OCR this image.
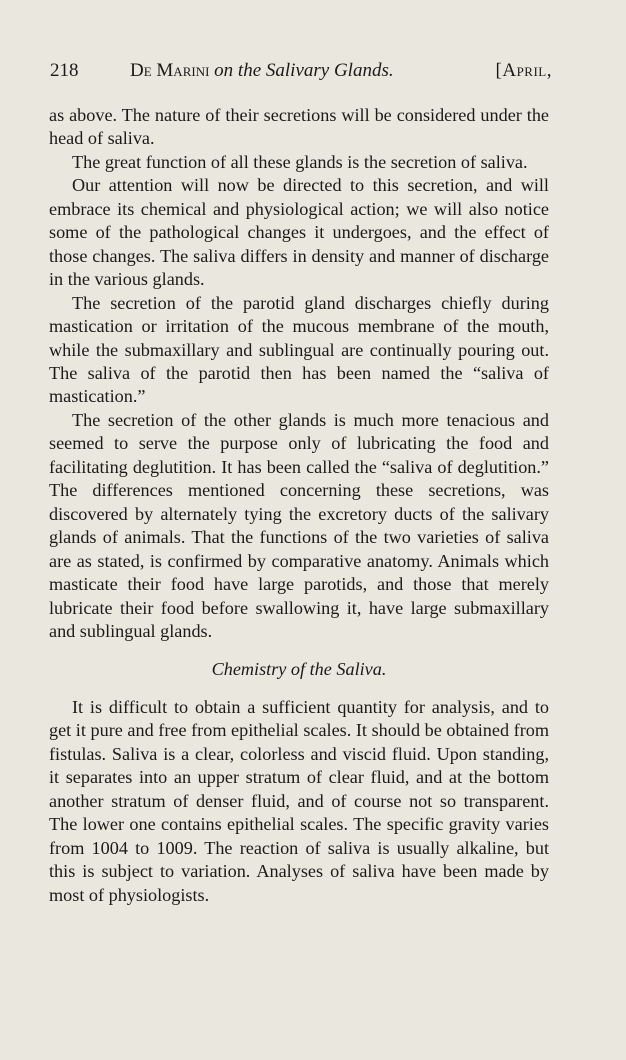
218	De Marini on the Salivary Glands.	[April,

as above. The nature of their secretions will be considered under the head of saliva.

The great function of all these glands is the secretion of saliva.

Our attention will now be directed to this secretion, and will embrace its chemical and physiological action; we will also notice some of the pathological changes it undergoes, and the effect of those changes. The saliva differs in density and manner of discharge in the various glands.

The secretion of the parotid gland discharges chiefly during mastication or irritation of the mucous membrane of the mouth, while the submaxillary and sublingual are continually pouring out. The saliva of the parotid then has been named the “saliva of mastication.”

The secretion of the other glands is much more tenacious and seemed to serve the purpose only of lubricating the food and facilitating deglutition. It has been called the “saliva of deglutition.” The differences mentioned concerning these secretions, was discovered by alternately tying the excretory ducts of the salivary glands of animals. That the functions of the two varieties of saliva are as stated, is confirmed by comparative anatomy. Animals which masticate their food have large parotids, and those that merely lubricate their food before swallowing it, have large submaxillary and sublingual glands.

Chemistry of the Saliva.

It is difficult to obtain a sufficient quantity for analysis, and to get it pure and free from epithelial scales. It should be obtained from fistulas. Saliva is a clear, colorless and viscid fluid. Upon standing, it separates into an upper stratum of clear fluid, and at the bottom another stratum of denser fluid, and of course not so transparent. The lower one contains epithelial scales. The specific gravity varies from 1004 to 1009. The reaction of saliva is usually alkaline, but this is subject to variation. Analyses of saliva have been made by most of physiologists.
